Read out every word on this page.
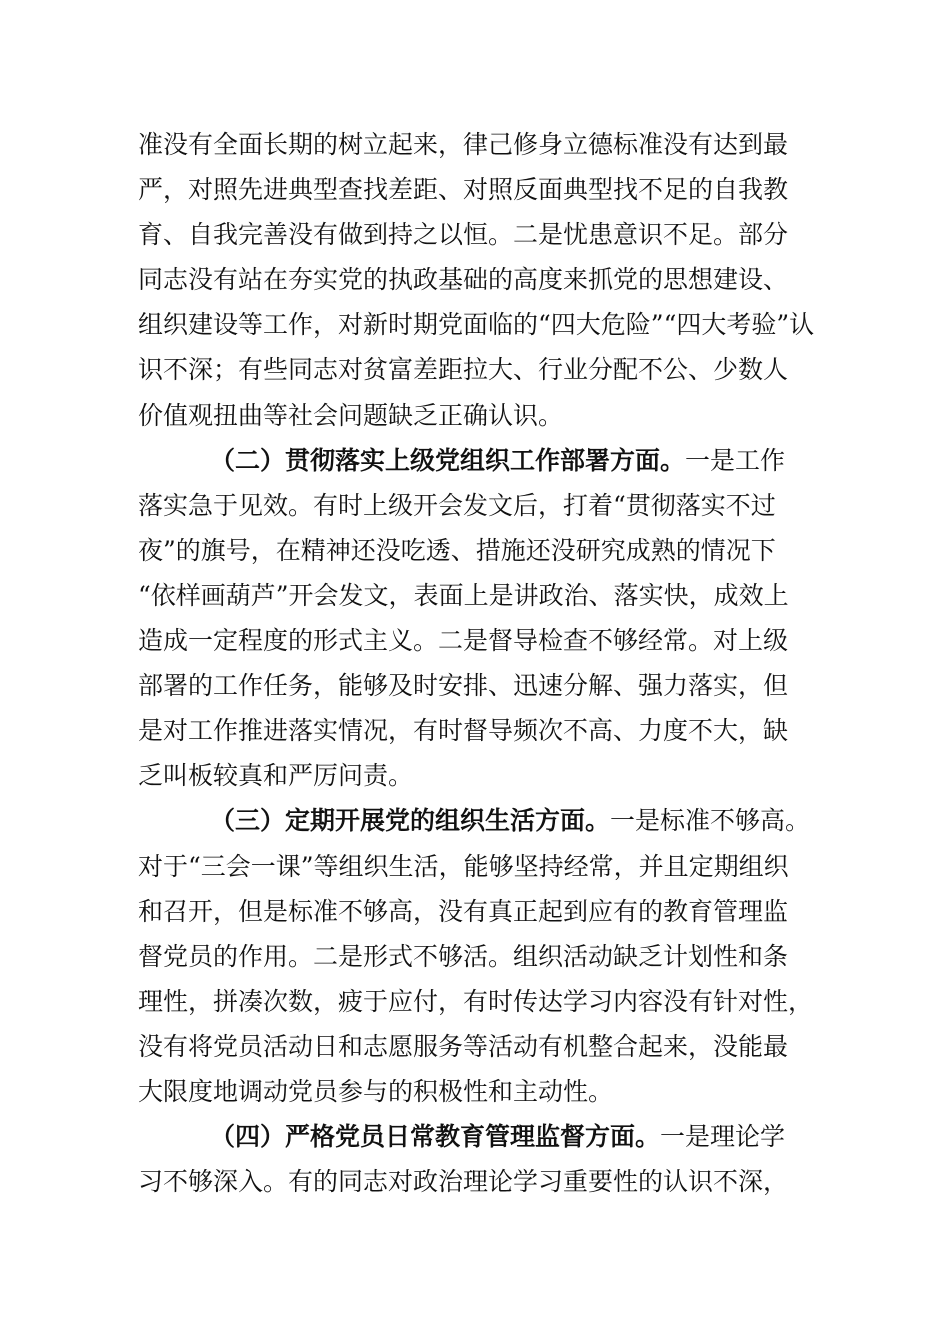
准没有全面长期的树立起来，律己修身立德标准没有达到最
严，对照先进典型查找差距、对照反面典型找不足的自我教
育、自我完善没有做到持之以恒。二是忧患意识不足。部分
同志没有站在夯实党的执政基础的高度来抓党的思想建设、
组织建设等工作，对新时期党面临的“四大危险”“四大考验”认
识不深；有些同志对贫富差距拉大、行业分配不公、少数人
价值观扭曲等社会问题缺乏正确认识。
（二）贯彻落实上级党组织工作部署方面。一是工作
落实急于见效。有时上级开会发文后，打着“贯彻落实不过
夜”的旗号，在精神还没吃透、措施还没研究成熟的情况下
“依样画葫芦”开会发文，表面上是讲政治、落实快，成效上
造成一定程度的形式主义。二是督导检查不够经常。对上级
部署的工作任务，能够及时安排、迅速分解、强力落实，但
是对工作推进落实情况，有时督导频次不高、力度不大，缺
乏叫板较真和严厉问责。
（三）定期开展党的组织生活方面。一是标准不够高。
对于“三会一课”等组织生活，能够坚持经常，并且定期组织
和召开，但是标准不够高，没有真正起到应有的教育管理监
督党员的作用。二是形式不够活。组织活动缺乏计划性和条
理性，拼凑次数，疲于应付，有时传达学习内容没有针对性，
没有将党员活动日和志愿服务等活动有机整合起来，没能最
大限度地调动党员参与的积极性和主动性。
（四）严格党员日常教育管理监督方面。一是理论学
习不够深入。有的同志对政治理论学习重要性的认识不深，
